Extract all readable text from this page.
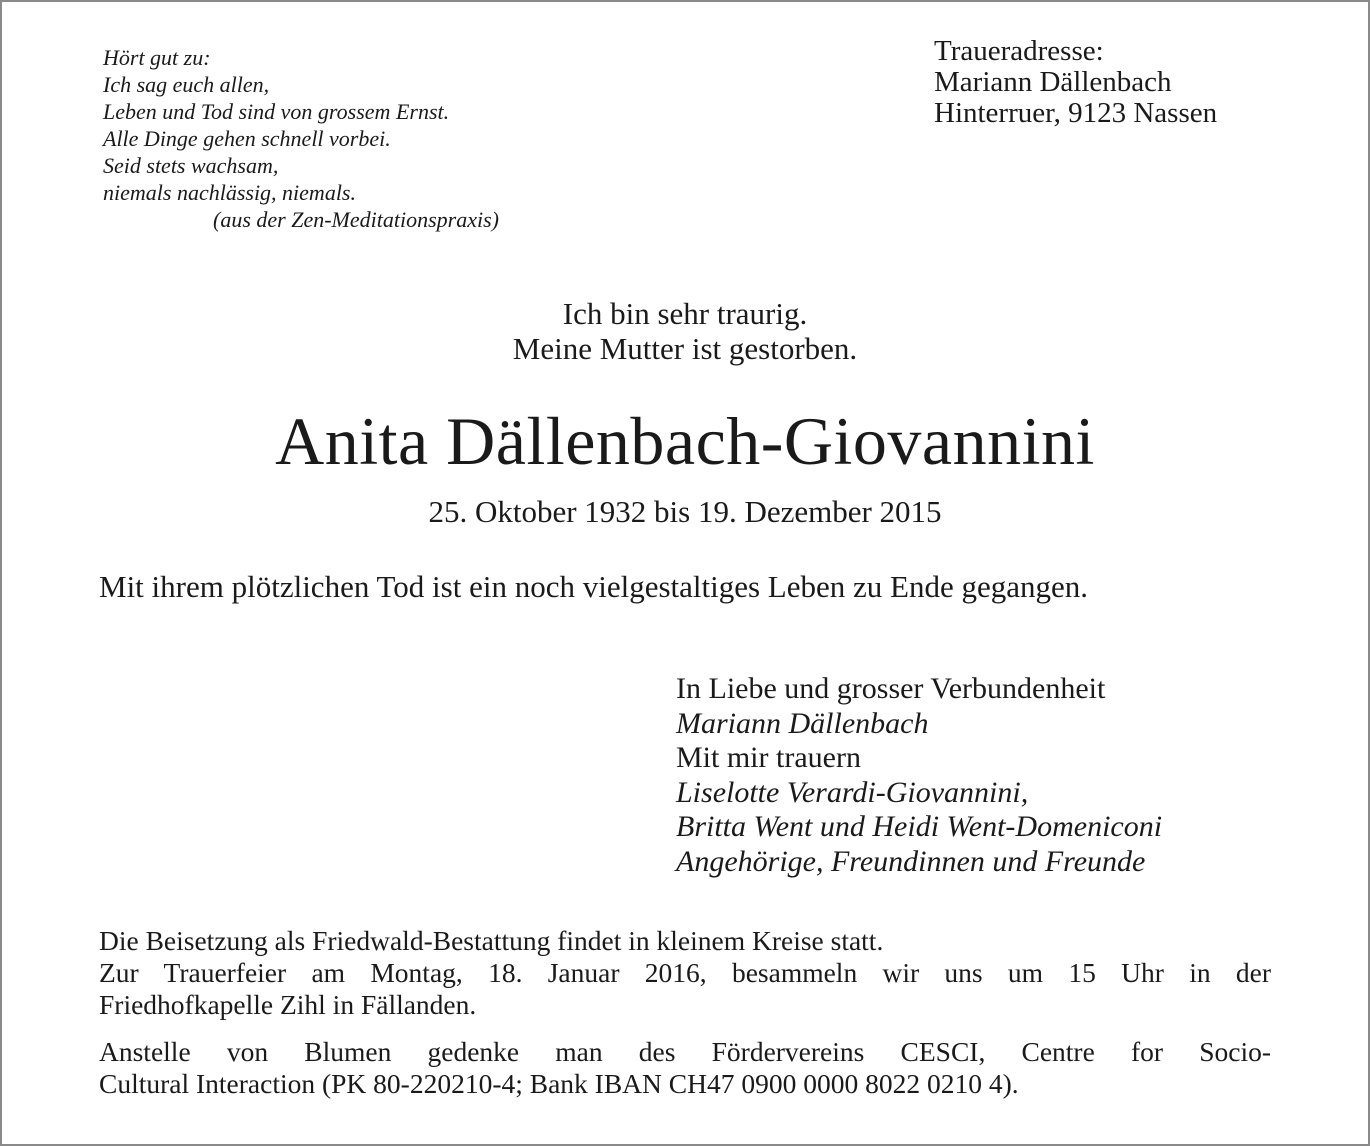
Hört gut zu:
Ich sag euch allen,
Leben und Tod sind von grossem Ernst.
Alle Dinge gehen schnell vorbei.
Seid stets wachsam,
niemals nachlässig, niemals.
(aus der Zen-Meditationspraxis)
Traueradresse:
Mariann Dällenbach
Hinterruer, 9123 Nassen
Ich bin sehr traurig.
Meine Mutter ist gestorben.
Anita Dällenbach-Giovannini
25. Oktober 1932 bis 19. Dezember 2015
Mit ihrem plötzlichen Tod ist ein noch vielgestaltiges Leben zu Ende gegangen.
In Liebe und grosser Verbundenheit
Mariann Dällenbach
Mit mir trauern
Liselotte Verardi-Giovannini,
Britta Went und Heidi Went-Domeniconi
Angehörige, Freundinnen und Freunde
Die Beisetzung als Friedwald-Bestattung findet in kleinem Kreise statt.
Zur Trauerfeier am Montag, 18. Januar 2016, besammeln wir uns um 15 Uhr in der
Friedhofkapelle Zihl in Fällanden.
Anstelle von Blumen gedenke man des Fördervereins CESCI, Centre for Socio-
Cultural Interaction (PK 80-220210-4; Bank IBAN CH47 0900 0000 8022 0210 4).
